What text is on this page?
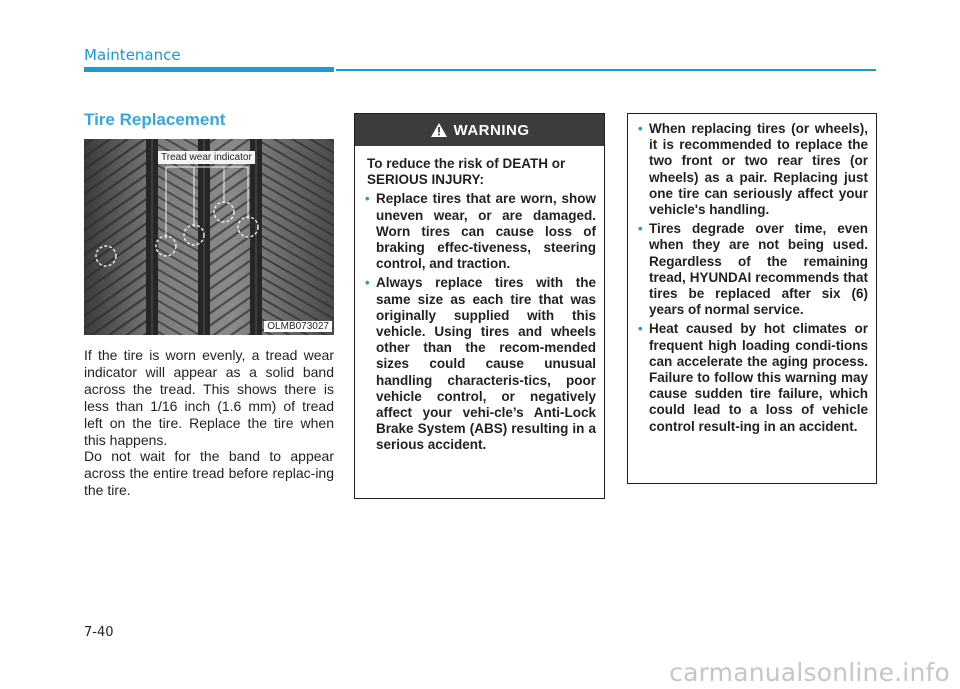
Maintenance
Tire Replacement
Tread wear indicator
OLMB073027

If the tire is worn evenly, a tread wear indicator will appear as a solid band across the tread. This shows there is less than 1/16 inch (1.6 mm) of tread left on the tire. Replace the tire when this happens.

Do not wait for the band to appear across the entire tread before replac-ing the tire.

WARNING

To reduce the risk of DEATH or SERIOUS INJURY:

• Replace tires that are worn, show uneven wear, or are damaged. Worn tires can cause loss of braking effec-tiveness, steering control, and traction.
• Always replace tires with the same size as each tire that was originally supplied with this vehicle. Using tires and wheels other than the recom-mended sizes could cause unusual handling characteris-tics, poor vehicle control, or negatively affect your vehi-cle’s Anti-Lock Brake System (ABS) resulting in a serious accident.
• When replacing tires (or wheels), it is recommended to replace the two front or two rear tires (or wheels) as a pair. Replacing just one tire can seriously affect your vehicle's handling.
• Tires degrade over time, even when they are not being used. Regardless of the remaining tread, HYUNDAI recommends that tires be replaced after six (6) years of normal service.
• Heat caused by hot climates or frequent high loading condi-tions can accelerate the aging process. Failure to follow this warning may cause sudden tire failure, which could lead to a loss of vehicle control result-ing in an accident.
7-40
carmanualsonline.info
